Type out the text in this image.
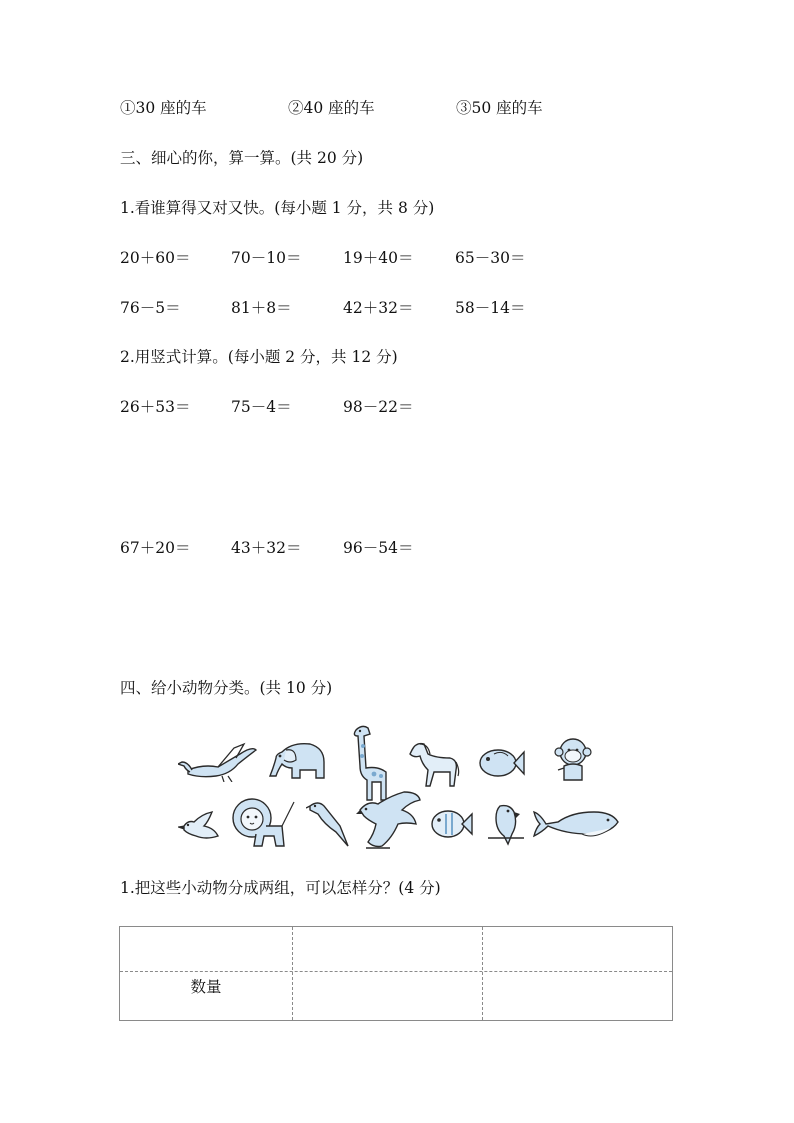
①30 座的车	②40 座的车	③50 座的车
三、细心的你，算一算。(共 20 分)
1.看谁算得又对又快。(每小题 1 分，共 8 分)
20＋60＝	70－10＝	19＋40＝	65－30＝
76－5＝	81＋8＝	42＋32＝	58－14＝
2.用竖式计算。(每小题 2 分，共 12 分)
26＋53＝	75－4＝	98－22＝
67＋20＝	43＋32＝	96－54＝
四、给小动物分类。(共 10 分)
1.把这些小动物分成两组，可以怎样分？(4 分)
数量
